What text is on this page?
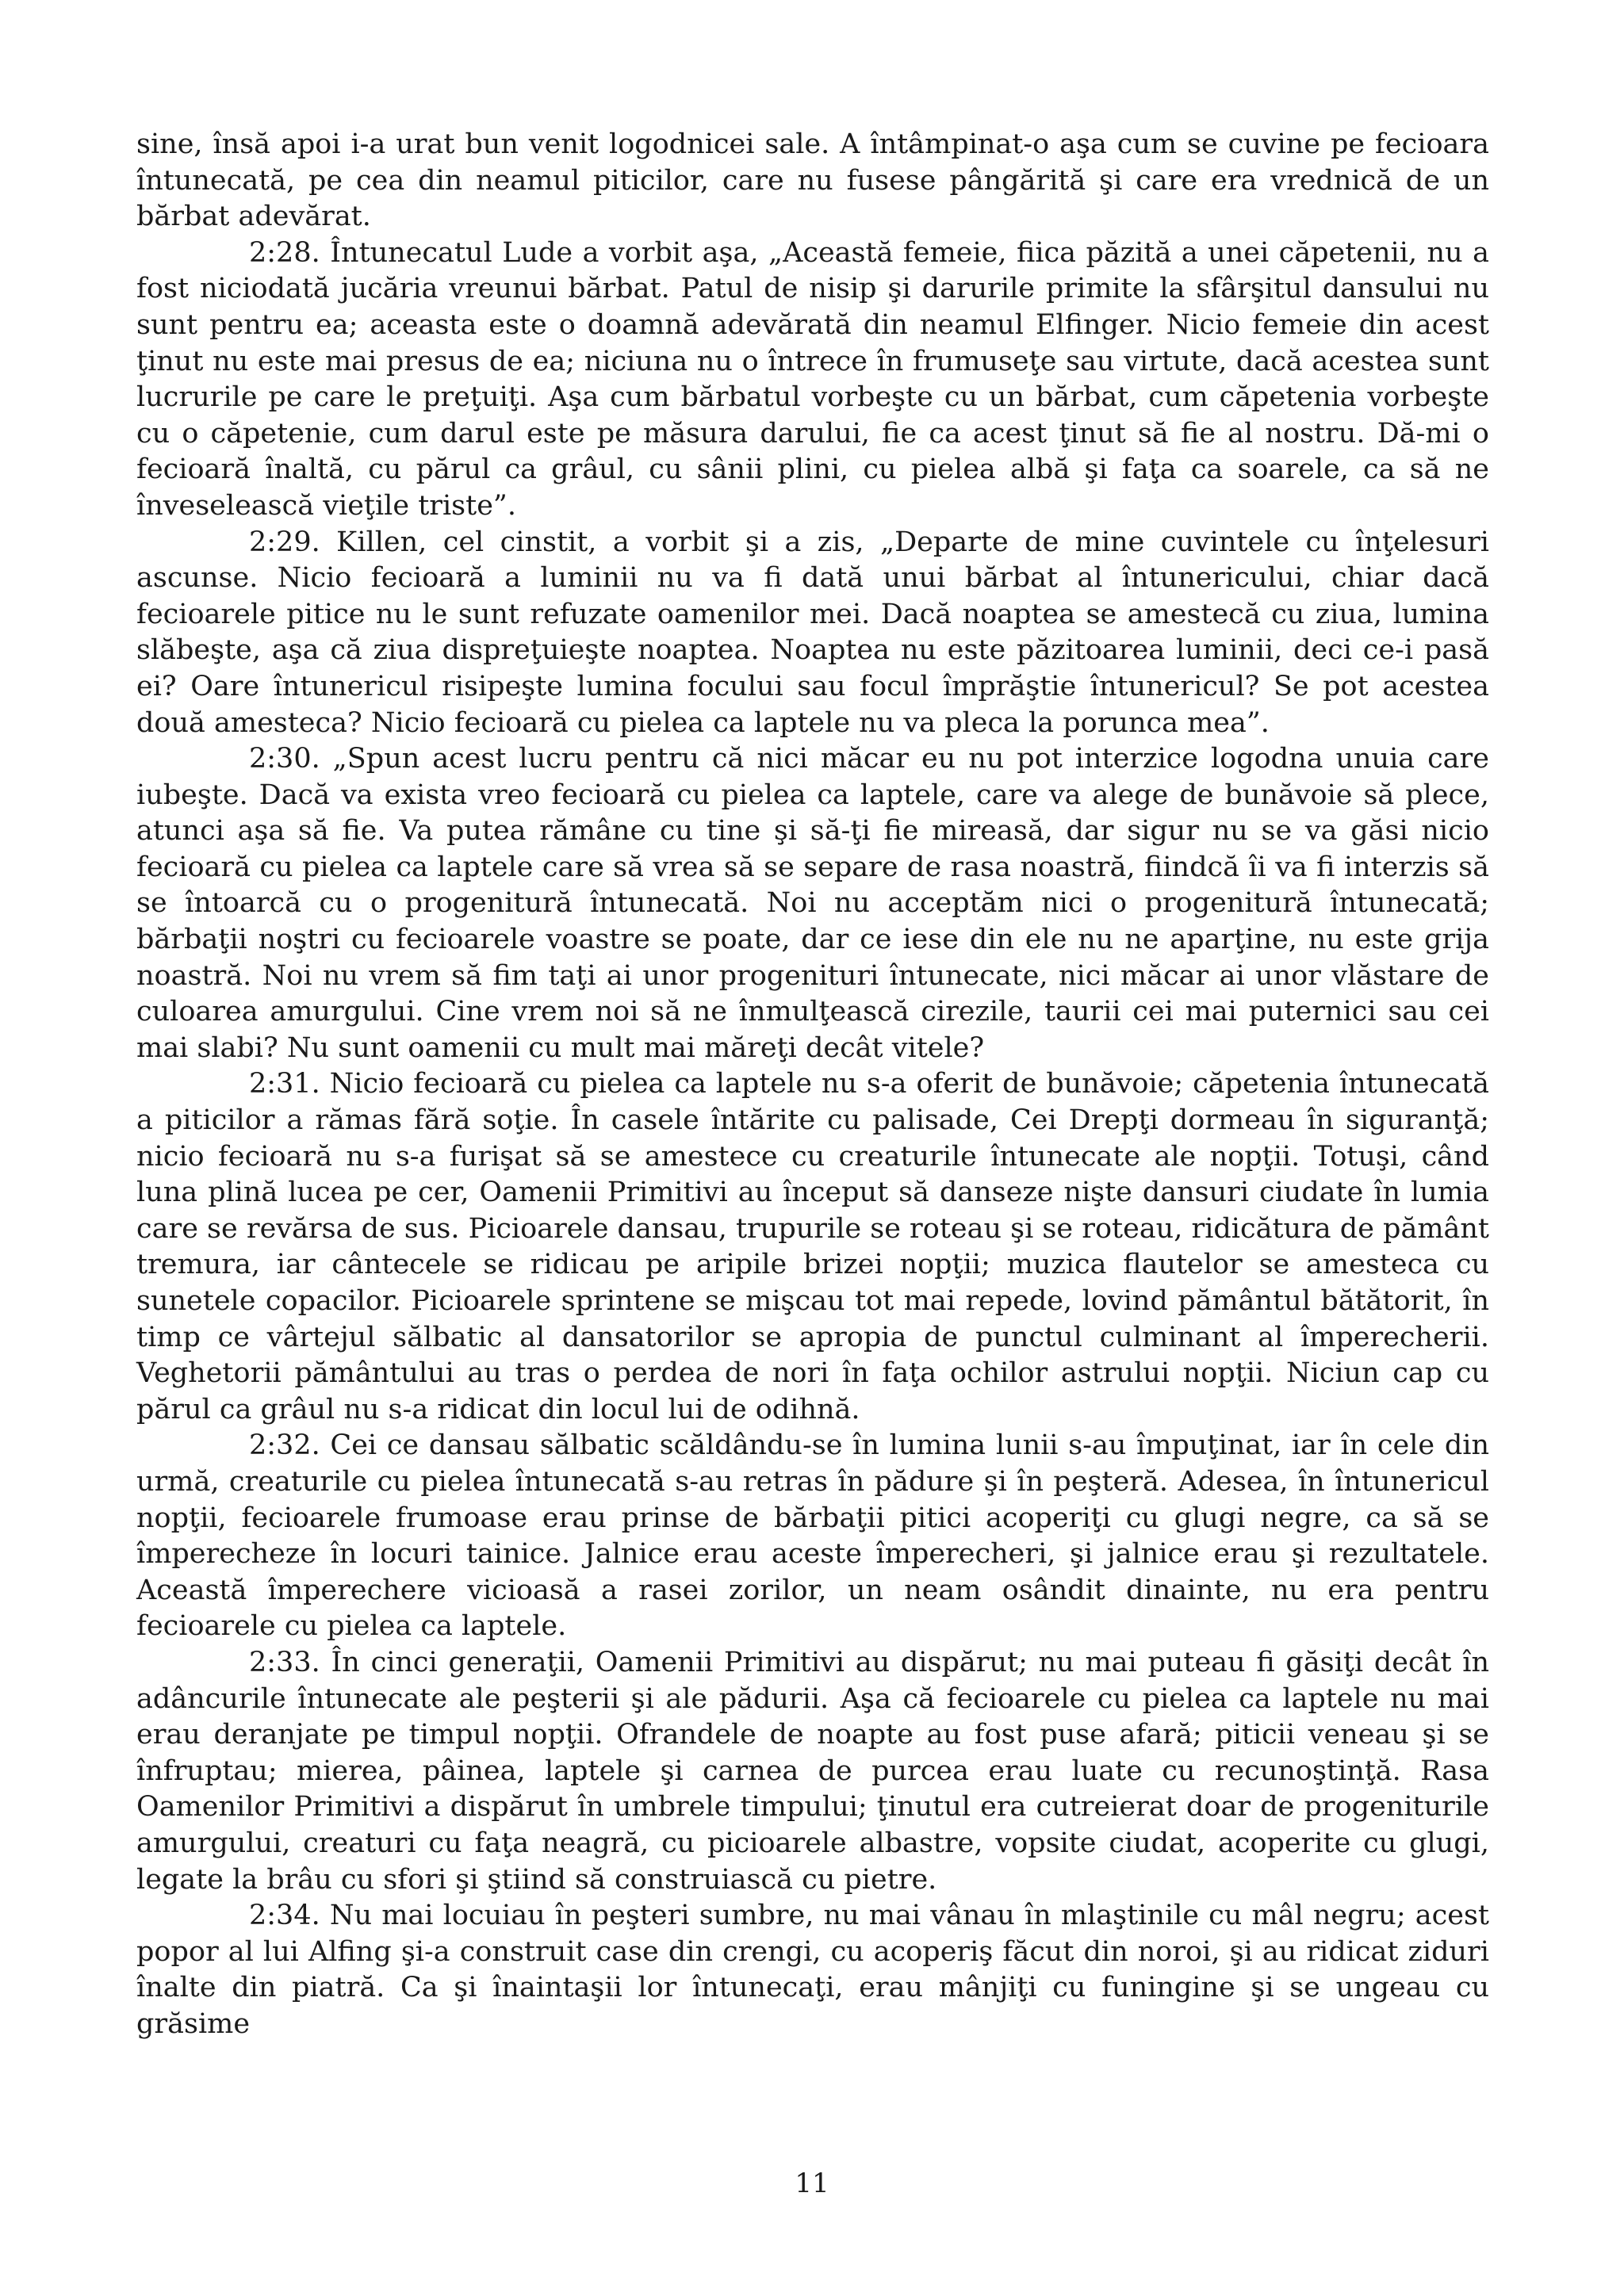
sine, însă apoi i-a urat bun venit logodnicei sale. A întâmpinat-o aşa cum se cuvine pe fecioara întunecată, pe cea din neamul piticilor, care nu fusese pângărită şi care era vrednică de un bărbat adevărat.

2:28. Întunecatul Lude a vorbit aşa, „Această femeie, fiica păzită a unei căpetenii, nu a fost niciodată jucăria vreunui bărbat. Patul de nisip şi darurile primite la sfârşitul dansului nu sunt pentru ea; aceasta este o doamnă adevărată din neamul Elfinger. Nicio femeie din acest ţinut nu este mai presus de ea; niciuna nu o întrece în frumuseţe sau virtute, dacă acestea sunt lucrurile pe care le preţuiţi. Aşa cum bărbatul vorbeşte cu un bărbat, cum căpetenia vorbeşte cu o căpetenie, cum darul este pe măsura darului, fie ca acest ţinut să fie al nostru. Dă-mi o fecioară înaltă, cu părul ca grâul, cu sânii plini, cu pielea albă şi faţa ca soarele, ca să ne înveselească vieţile triste”.

2:29. Killen, cel cinstit, a vorbit şi a zis, „Departe de mine cuvintele cu înţelesuri ascunse. Nicio fecioară a luminii nu va fi dată unui bărbat al întunericului, chiar dacă fecioarele pitice nu le sunt refuzate oamenilor mei. Dacă noaptea se amestecă cu ziua, lumina slăbeşte, aşa că ziua dispreţuieşte noaptea. Noaptea nu este păzitoarea luminii, deci ce-i pasă ei? Oare întunericul risipeşte lumina focului sau focul împrăştie întunericul? Se pot acestea două amesteca? Nicio fecioară cu pielea ca laptele nu va pleca la porunca mea”.

2:30. „Spun acest lucru pentru că nici măcar eu nu pot interzice logodna unuia care iubeşte. Dacă va exista vreo fecioară cu pielea ca laptele, care va alege de bunăvoie să plece, atunci aşa să fie. Va putea rămâne cu tine şi să-ţi fie mireasă, dar sigur nu se va găsi nicio fecioară cu pielea ca laptele care să vrea să se separe de rasa noastră, fiindcă îi va fi interzis să se întoarcă cu o progenitură întunecată. Noi nu acceptăm nici o progenitură întunecată; bărbaţii noştri cu fecioarele voastre se poate, dar ce iese din ele nu ne aparţine, nu este grija noastră. Noi nu vrem să fim taţi ai unor progenituri întunecate, nici măcar ai unor vlăstare de culoarea amurgului. Cine vrem noi să ne înmulţească cirezile, taurii cei mai puternici sau cei mai slabi? Nu sunt oamenii cu mult mai măreţi decât vitele?

2:31. Nicio fecioară cu pielea ca laptele nu s-a oferit de bunăvoie; căpetenia întunecată a piticilor a rămas fără soţie. În casele întărite cu palisade, Cei Drepţi dormeau în siguranţă; nicio fecioară nu s-a furişat să se amestece cu creaturile întunecate ale nopţii. Totuşi, când luna plină lucea pe cer, Oamenii Primitivi au început să danseze nişte dansuri ciudate în lumia care se revărsa de sus. Picioarele dansau, trupurile se roteau şi se roteau, ridicătura de pământ tremura, iar cântecele se ridicau pe aripile brizei nopţii; muzica flautelor se amesteca cu sunetele copacilor. Picioarele sprintene se mişcau tot mai repede, lovind pământul bătătorit, în timp ce vârtejul sălbatic al dansatorilor se apropia de punctul culminant al împerecherii. Veghetorii pământului au tras o perdea de nori în faţa ochilor astrului nopţii. Niciun cap cu părul ca grâul nu s-a ridicat din locul lui de odihnă.

2:32. Cei ce dansau sălbatic scăldându-se în lumina lunii s-au împuţinat, iar în cele din urmă, creaturile cu pielea întunecată s-au retras în pădure şi în peşteră. Adesea, în întunericul nopţii, fecioarele frumoase erau prinse de bărbaţii pitici acoperiţi cu glugi negre, ca să se împerecheze în locuri tainice. Jalnice erau aceste împerecheri, şi jalnice erau şi rezultatele. Această împerechere vicioasă a rasei zorilor, un neam osândit dinainte, nu era pentru fecioarele cu pielea ca laptele.

2:33. În cinci generaţii, Oamenii Primitivi au dispărut; nu mai puteau fi găsiţi decât în adâncurile întunecate ale peşterii şi ale pădurii. Aşa că fecioarele cu pielea ca laptele nu mai erau deranjate pe timpul nopţii. Ofrandele de noapte au fost puse afară; piticii veneau şi se înfruptau; mierea, pâinea, laptele şi carnea de purcea erau luate cu recunoştinţă. Rasa Oamenilor Primitivi a dispărut în umbrele timpului; ţinutul era cutreierat doar de progeniturile amurgului, creaturi cu faţa neagră, cu picioarele albastre, vopsite ciudat, acoperite cu glugi, legate la brâu cu sfori şi ştiind să construiască cu pietre.

2:34. Nu mai locuiau în peşteri sumbre, nu mai vânau în mlaştinile cu mâl negru; acest popor al lui Alfing şi-a construit case din crengi, cu acoperiş făcut din noroi, şi au ridicat ziduri înalte din piatră. Ca şi înaintaşii lor întunecaţi, erau mânjiţi cu funingine şi se ungeau cu grăsime

11
